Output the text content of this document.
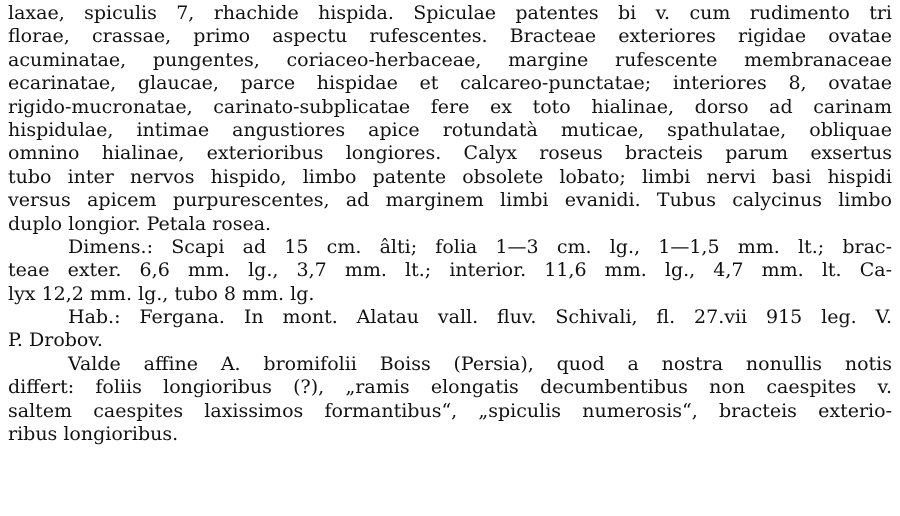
laxae, spiculis 7, rhachide hispida. Spiculae patentes bi v. cum rudimento tri
florae, crassae, primo aspectu rufescentes. Bracteae exteriores rigidae ovatae
acuminatae, pungentes, coriaceo-herbaceae, margine rufescente membranaceae
ecarinatae, glaucae, parce hispidae et calcareo-punctatae; interiores 8, ovatae
rigido-mucronatae, carinato-subplicatae fere ex toto hialinae, dorso ad carinam
hispidulae, intimae angustiores apice rotundatà muticae, spathulatae, obliquae
omnino hialinae, exterioribus longiores. Calyx roseus bracteis parum exsertus
tubo inter nervos hispido, limbo patente obsolete lobato; limbi nervi basi hispidi
versus apicem purpurescentes, ad marginem limbi evanidi. Tubus calycinus limbo
duplo longior. Petala rosea.
Dimens.: Scapi ad 15 cm. âlti; folia 1—3 cm. lg., 1—1,5 mm. lt.; brac-
teae exter. 6,6 mm. lg., 3,7 mm. lt.; interior. 11,6 mm. lg., 4,7 mm. lt. Ca-
lyx 12,2 mm. lg., tubo 8 mm. lg.
Hab.: Fergana. In mont. Alatau vall. fluv. Schivali, fl. 27.vii 915 leg. V.
P. Drobov.
Valde affine A. bromifolii Boiss (Persia), quod a nostra nonullis notis
differt: foliis longioribus (?), „ramis elongatis decumbentibus non caespites v.
saltem caespites laxissimos formantibus“, „spiculis numerosis“, bracteis exterio-
ribus longioribus.
